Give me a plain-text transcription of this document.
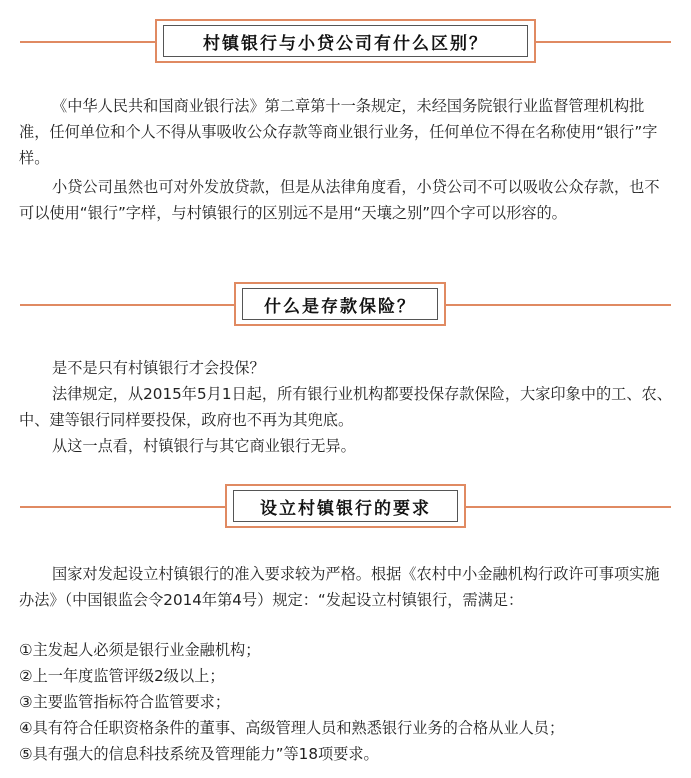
村镇银行与小贷公司有什么区别？
《中华人民共和国商业银行法》第二章第十一条规定，未经国务院银行业监督管理机构批准，任何单位和个人不得从事吸收公众存款等商业银行业务，任何单位不得在名称使用“银行”字样。
小贷公司虽然也可对外发放贷款，但是从法律角度看，小贷公司不可以吸收公众存款，也不可以使用“银行”字样，与村镇银行的区别远不是用“天壤之别”四个字可以形容的。
什么是存款保险？
是不是只有村镇银行才会投保？
法律规定，从2015年5月1日起，所有银行业机构都要投保存款保险，大家印象中的工、农、中、建等银行同样要投保，政府也不再为其兜底。
从这一点看，村镇银行与其它商业银行无异。
设立村镇银行的要求
国家对发起设立村镇银行的准入要求较为严格。根据《农村中小金融机构行政许可事项实施办法》（中国银监会令2014年第4号）规定：“发起设立村镇银行，需满足：
①主发起人必须是银行业金融机构；
②上一年度监管评级2级以上；
③主要监管指标符合监管要求；
④具有符合任职资格条件的董事、高级管理人员和熟悉银行业务的合格从业人员；
⑤具有强大的信息科技系统及管理能力”等18项要求。
